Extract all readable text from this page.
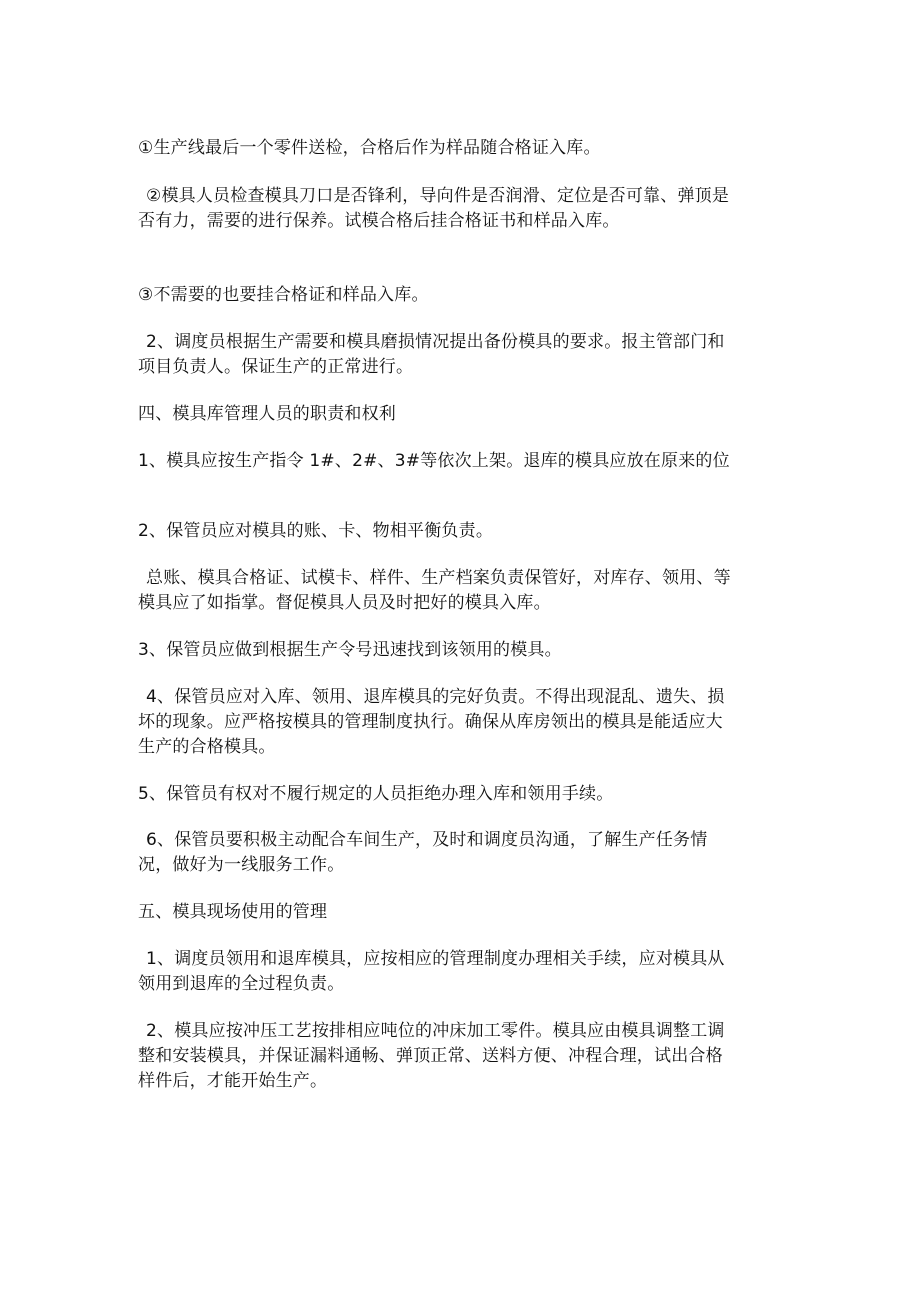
①生产线最后一个零件送检，合格后作为样品随合格证入库。
②模具人员检查模具刀口是否锋利，导向件是否润滑、定位是否可靠、弹顶是
否有力，需要的进行保养。试模合格后挂合格证书和样品入库。
③不需要的也要挂合格证和样品入库。
2、调度员根据生产需要和模具磨损情况提出备份模具的要求。报主管部门和
项目负责人。保证生产的正常进行。
四、模具库管理人员的职责和权利
1、模具应按生产指令 1#、2#、3#等依次上架。退库的模具应放在原来的位
2、保管员应对模具的账、卡、物相平衡负责。
总账、模具合格证、试模卡、样件、生产档案负责保管好，对库存、领用、等
模具应了如指掌。督促模具人员及时把好的模具入库。
3、保管员应做到根据生产令号迅速找到该领用的模具。
4、保管员应对入库、领用、退库模具的完好负责。不得出现混乱、遗失、损
坏的现象。应严格按模具的管理制度执行。确保从库房领出的模具是能适应大
生产的合格模具。
5、保管员有权对不履行规定的人员拒绝办理入库和领用手续。
6、保管员要积极主动配合车间生产，及时和调度员沟通，了解生产任务情
况，做好为一线服务工作。
五、模具现场使用的管理
1、调度员领用和退库模具，应按相应的管理制度办理相关手续，应对模具从
领用到退库的全过程负责。
2、模具应按冲压工艺按排相应吨位的冲床加工零件。模具应由模具调整工调
整和安装模具，并保证漏料通畅、弹顶正常、送料方便、冲程合理，试出合格
样件后，才能开始生产。
